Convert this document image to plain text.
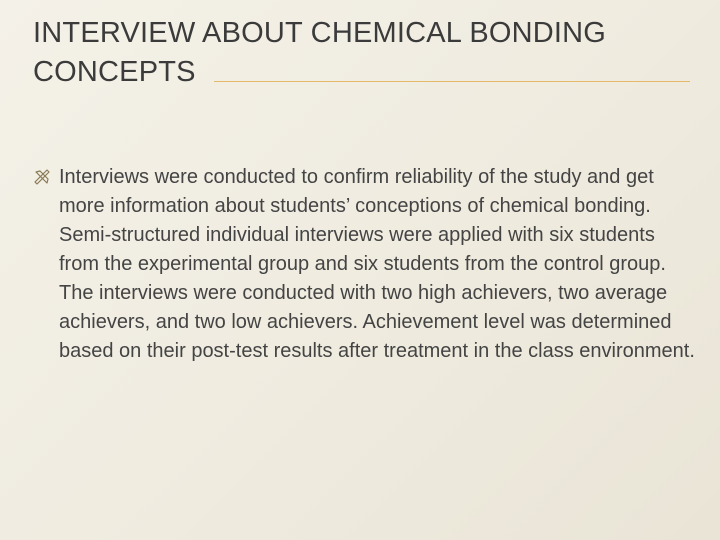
INTERVIEW ABOUT CHEMICAL BONDING CONCEPTS

Interviews were conducted to confirm reliability of the study and get more information about students’ conceptions of chemical bonding. Semi-structured individual interviews were applied with six students from the experimental group and six students from the control group. The interviews were conducted with two high achievers, two average achievers, and two low achievers. Achievement level was determined based on their post-test results after treatment in the class environment.
